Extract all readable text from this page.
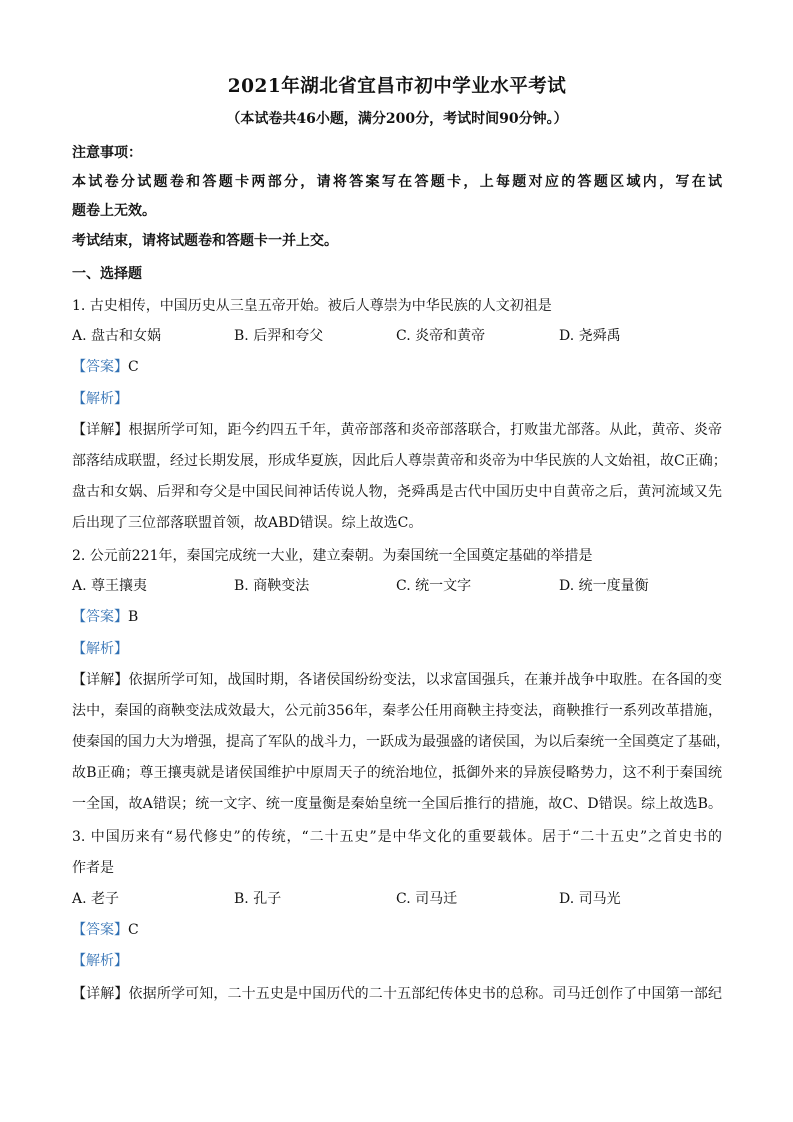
2021年湖北省宜昌市初中学业水平考试
（本试卷共46小题，满分200分，考试时间90分钟。）
注意事项：
本试卷分试题卷和答题卡两部分，请将答案写在答题卡，上每题对应的答题区域内，写在试
题卷上无效。
考试结束，请将试题卷和答题卡一并上交。
一、选择题
1. 古史相传，中国历史从三皇五帝开始。被后人尊崇为中华民族的人文初祖是
A. 盘古和女娲	B. 后羿和夸父	C. 炎帝和黄帝	D. 尧舜禹
【答案】C
【解析】
【详解】根据所学可知，距今约四五千年，黄帝部落和炎帝部落联合，打败蚩尤部落。从此，黄帝、炎帝
部落结成联盟，经过长期发展，形成华夏族，因此后人尊崇黄帝和炎帝为中华民族的人文始祖，故C正确；
盘古和女娲、后羿和夸父是中国民间神话传说人物，尧舜禹是古代中国历史中自黄帝之后，黄河流域又先
后出现了三位部落联盟首领，故ABD错误。综上故选C。
2. 公元前221年，秦国完成统一大业，建立秦朝。为秦国统一全国奠定基础的举措是
A. 尊王攘夷	B. 商鞅变法	C. 统一文字	D. 统一度量衡
【答案】B
【解析】
【详解】依据所学可知，战国时期，各诸侯国纷纷变法，以求富国强兵，在兼并战争中取胜。在各国的变
法中，秦国的商鞅变法成效最大，公元前356年，秦孝公任用商鞅主持变法，商鞅推行一系列改革措施，
使秦国的国力大为增强，提高了军队的战斗力，一跃成为最强盛的诸侯国，为以后秦统一全国奠定了基础，
故B正确；尊王攘夷就是诸侯国维护中原周天子的统治地位，抵御外来的异族侵略势力，这不利于秦国统
一全国，故A错误；统一文字、统一度量衡是秦始皇统一全国后推行的措施，故C、D错误。综上故选B。
3. 中国历来有“易代修史”的传统，“二十五史”是中华文化的重要载体。居于“二十五史”之首史书的
作者是
A. 老子	B. 孔子	C. 司马迁	D. 司马光
【答案】C
【解析】
【详解】依据所学可知，二十五史是中国历代的二十五部纪传体史书的总称。司马迁创作了中国第一部纪
